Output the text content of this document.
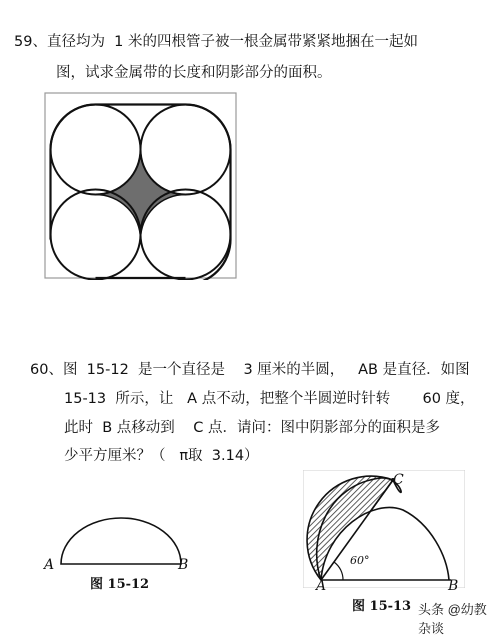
59、直径均为  1 米的四根管子被一根金属带紧紧地捆在一起如
图，试求金属带的长度和阴影部分的面积。
60、图  15-12  是一个直径是    3 厘米的半圆，   AB 是直径．如图
15-13  所示，让   A 点不动，把整个半圆逆时针转       60 度，
此时  B 点移动到    C 点．请问：图中阴影部分的面积是多
少平方厘米？（   π取  3.14）
A	B
图 15-12
C
60°
A	B
图 15-13 头条 @幼教杂谈
